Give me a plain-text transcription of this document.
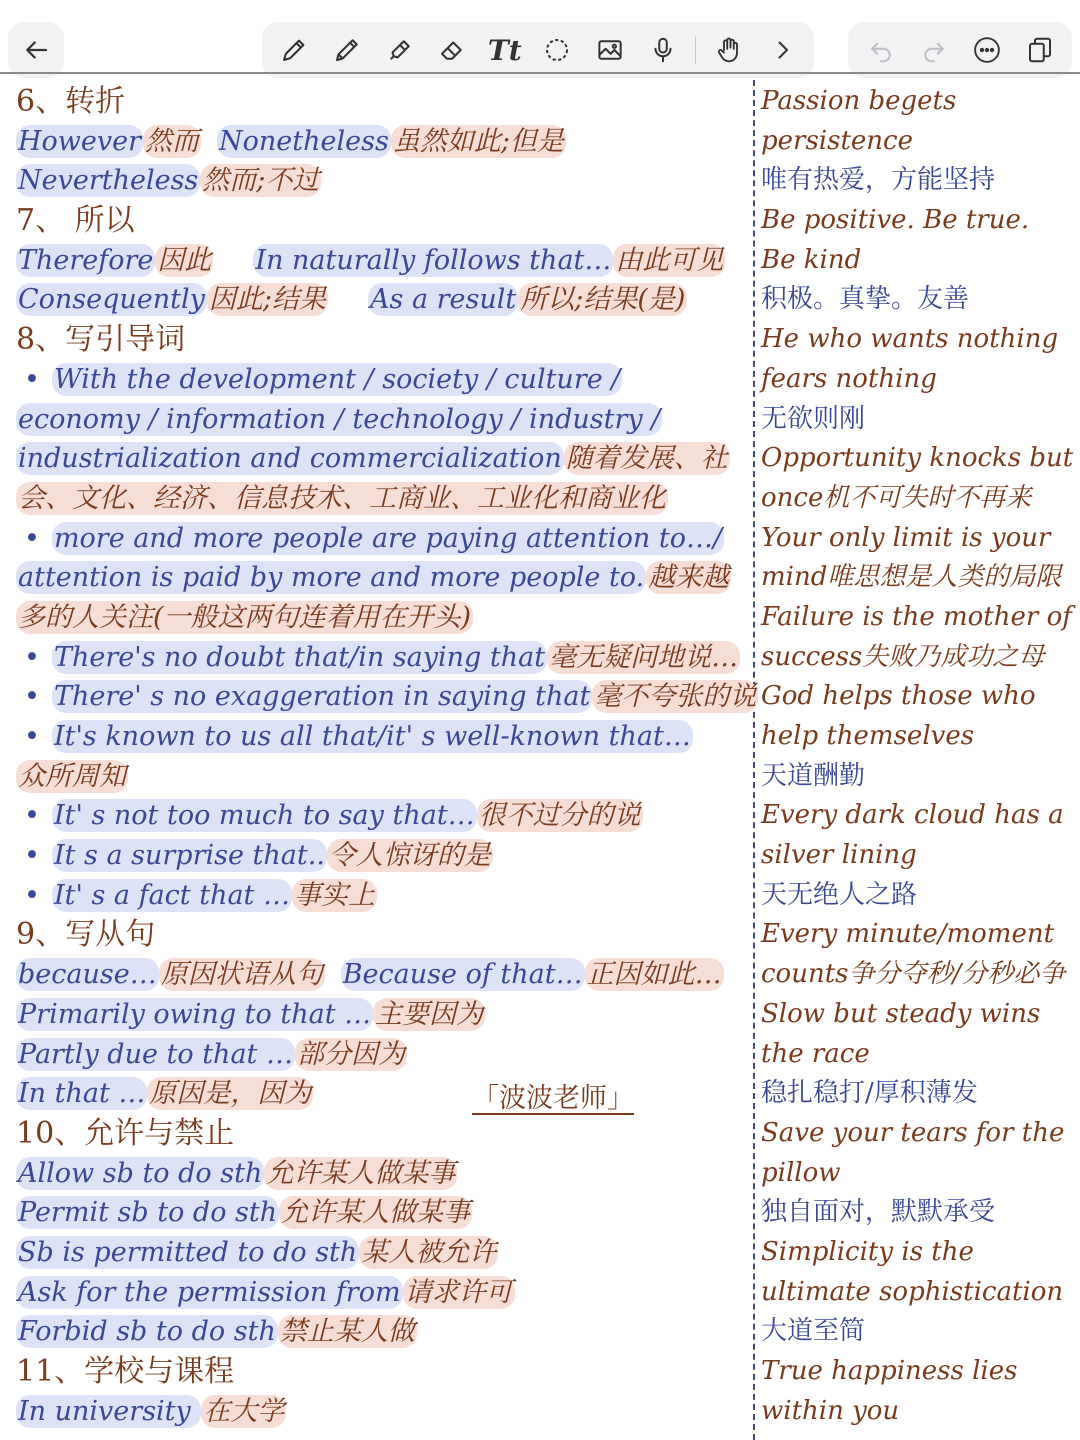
Tt
6、转折
However 然而 Nonetheless 虽然如此;但是
Nevertheless 然而;不过
7、 所以
Therefore 因此 In naturally follows that… 由此可见
Consequently 因此;结果 As a result 所以;结果(是)
8、写引导词
• With the development / society / culture /
economy / information / technology / industry /
industrialization and commercialization 随着发展、社
会、文化、经济、信息技术、工商业、工业化和商业化
• more and more people are paying attention to…/
attention is paid by more and more people to. 越来越
多的人关注(一般这两句连着用在开头)
• There's no doubt that/in saying that 毫无疑问地说…
• There' s no exaggeration in saying that 毫不夸张的说
• It's known to us all that/it' s well-known that…
众所周知
• It' s not too much to say that… 很不过分的说
• It s a surprise that.. 令人惊讶的是
• It' s a fact that … 事实上
9、写从句
because… 原因状语从句 Because of that… 正因如此…
Primarily owing to that … 主要因为
Partly due to that … 部分因为
In that … 原因是，因为
10、允许与禁止
Allow sb to do sth 允许某人做某事
Permit sb to do sth 允许某人做某事
Sb is permitted to do sth 某人被允许
Ask for the permission from 请求许可
Forbid sb to do sth 禁止某人做
11、学校与课程
In university 在大学
「波波老师」
Passion begets
persistence
唯有热爱，方能坚持
Be positive. Be true.
Be kind
积极。真挚。友善
He who wants nothing
fears nothing
无欲则刚
Opportunity knocks but
once机不可失时不再来
Your only limit is your
mind唯思想是人类的局限
Failure is the mother of
success失败乃成功之母
God helps those who
help themselves
天道酬勤
Every dark cloud has a
silver lining
天无绝人之路
Every minute/moment
counts争分夺秒/分秒必争
Slow but steady wins
the race
稳扎稳打/厚积薄发
Save your tears for the
pillow
独自面对，默默承受
Simplicity is the
ultimate sophistication
大道至简
True happiness lies
within you
